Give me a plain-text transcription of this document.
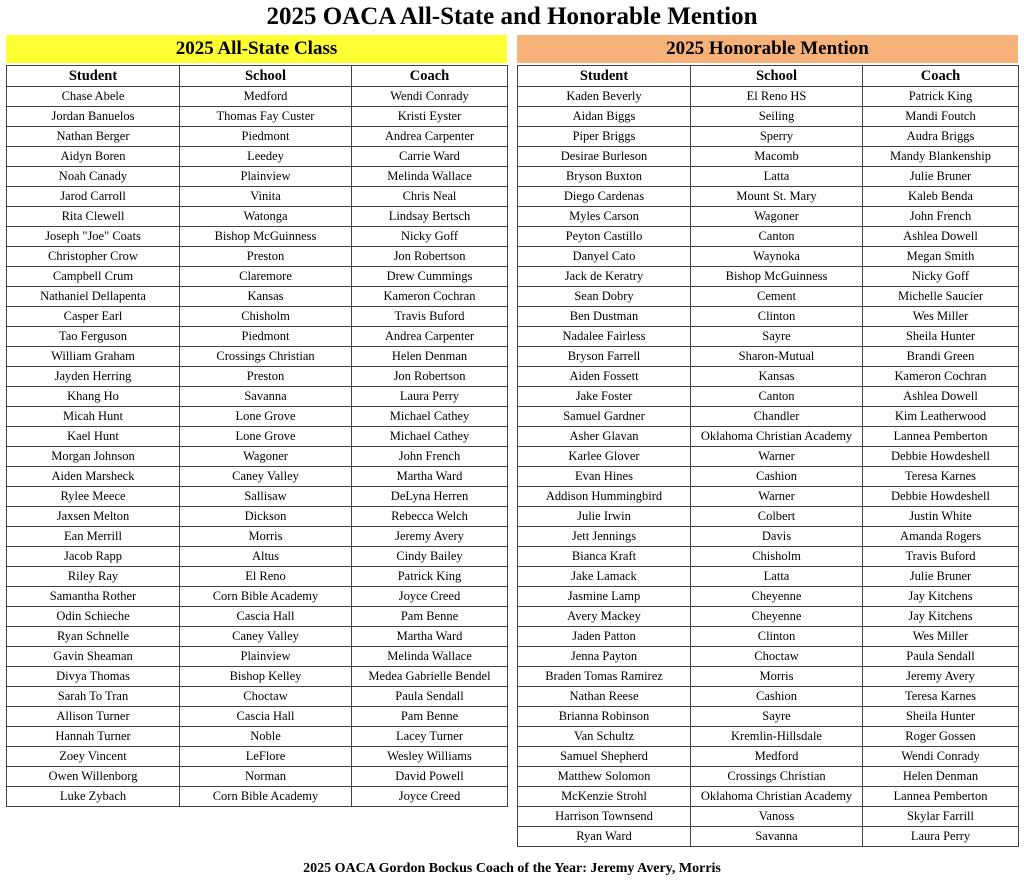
2025 OACA All-State and Honorable Mention
2025 All-State Class
Student	School	Coach
Chase Abele	Medford	Wendi Conrady
Jordan Banuelos	Thomas Fay Custer	Kristi Eyster
Nathan Berger	Piedmont	Andrea Carpenter
Aidyn Boren	Leedey	Carrie Ward
Noah Canady	Plainview	Melinda Wallace
Jarod Carroll	Vinita	Chris Neal
Rita Clewell	Watonga	Lindsay Bertsch
Joseph "Joe" Coats	Bishop McGuinness	Nicky Goff
Christopher Crow	Preston	Jon Robertson
Campbell Crum	Claremore	Drew Cummings
Nathaniel Dellapenta	Kansas	Kameron Cochran
Casper Earl	Chisholm	Travis Buford
Tao Ferguson	Piedmont	Andrea Carpenter
William Graham	Crossings Christian	Helen Denman
Jayden Herring	Preston	Jon Robertson
Khang Ho	Savanna	Laura Perry
Micah Hunt	Lone Grove	Michael Cathey
Kael Hunt	Lone Grove	Michael Cathey
Morgan Johnson	Wagoner	John French
Aiden Marsheck	Caney Valley	Martha Ward
Rylee Meece	Sallisaw	DeLyna Herren
Jaxsen Melton	Dickson	Rebecca Welch
Ean Merrill	Morris	Jeremy Avery
Jacob Rapp	Altus	Cindy Bailey
Riley Ray	El Reno	Patrick King
Samantha Rother	Corn Bible Academy	Joyce Creed
Odin Schieche	Cascia Hall	Pam Benne
Ryan Schnelle	Caney Valley	Martha Ward
Gavin Sheaman	Plainview	Melinda Wallace
Divya Thomas	Bishop Kelley	Medea Gabrielle Bendel
Sarah To Tran	Choctaw	Paula Sendall
Allison Turner	Cascia Hall	Pam Benne
Hannah Turner	Noble	Lacey Turner
Zoey Vincent	LeFlore	Wesley Williams
Owen Willenborg	Norman	David Powell
Luke Zybach	Corn Bible Academy	Joyce Creed
2025 Honorable Mention
Student	School	Coach
Kaden Beverly	El Reno HS	Patrick King
Aidan Biggs	Seiling	Mandi Foutch
Piper Briggs	Sperry	Audra Briggs
Desirae Burleson	Macomb	Mandy Blankenship
Bryson Buxton	Latta	Julie Bruner
Diego Cardenas	Mount St. Mary	Kaleb Benda
Myles Carson	Wagoner	John French
Peyton Castillo	Canton	Ashlea Dowell
Danyel Cato	Waynoka	Megan Smith
Jack de Keratry	Bishop McGuinness	Nicky Goff
Sean Dobry	Cement	Michelle Saucier
Ben Dustman	Clinton	Wes Miller
Nadalee Fairless	Sayre	Sheila Hunter
Bryson Farrell	Sharon-Mutual	Brandi Green
Aiden Fossett	Kansas	Kameron Cochran
Jake Foster	Canton	Ashlea Dowell
Samuel Gardner	Chandler	Kim Leatherwood
Asher Glavan	Oklahoma Christian Academy	Lannea Pemberton
Karlee Glover	Warner	Debbie Howdeshell
Evan Hines	Cashion	Teresa Karnes
Addison Hummingbird	Warner	Debbie Howdeshell
Julie Irwin	Colbert	Justin White
Jett Jennings	Davis	Amanda Rogers
Bianca Kraft	Chisholm	Travis Buford
Jake Lamack	Latta	Julie Bruner
Jasmine Lamp	Cheyenne	Jay Kitchens
Avery Mackey	Cheyenne	Jay Kitchens
Jaden Patton	Clinton	Wes Miller
Jenna Payton	Choctaw	Paula Sendall
Braden Tomas Ramirez	Morris	Jeremy Avery
Nathan Reese	Cashion	Teresa Karnes
Brianna Robinson	Sayre	Sheila Hunter
Van Schultz	Kremlin-Hillsdale	Roger Gossen
Samuel Shepherd	Medford	Wendi Conrady
Matthew Solomon	Crossings Christian	Helen Denman
McKenzie Strohl	Oklahoma Christian Academy	Lannea Pemberton
Harrison Townsend	Vanoss	Skylar Farrill
Ryan Ward	Savanna	Laura Perry
2025 OACA Gordon Bockus Coach of the Year: Jeremy Avery, Morris
